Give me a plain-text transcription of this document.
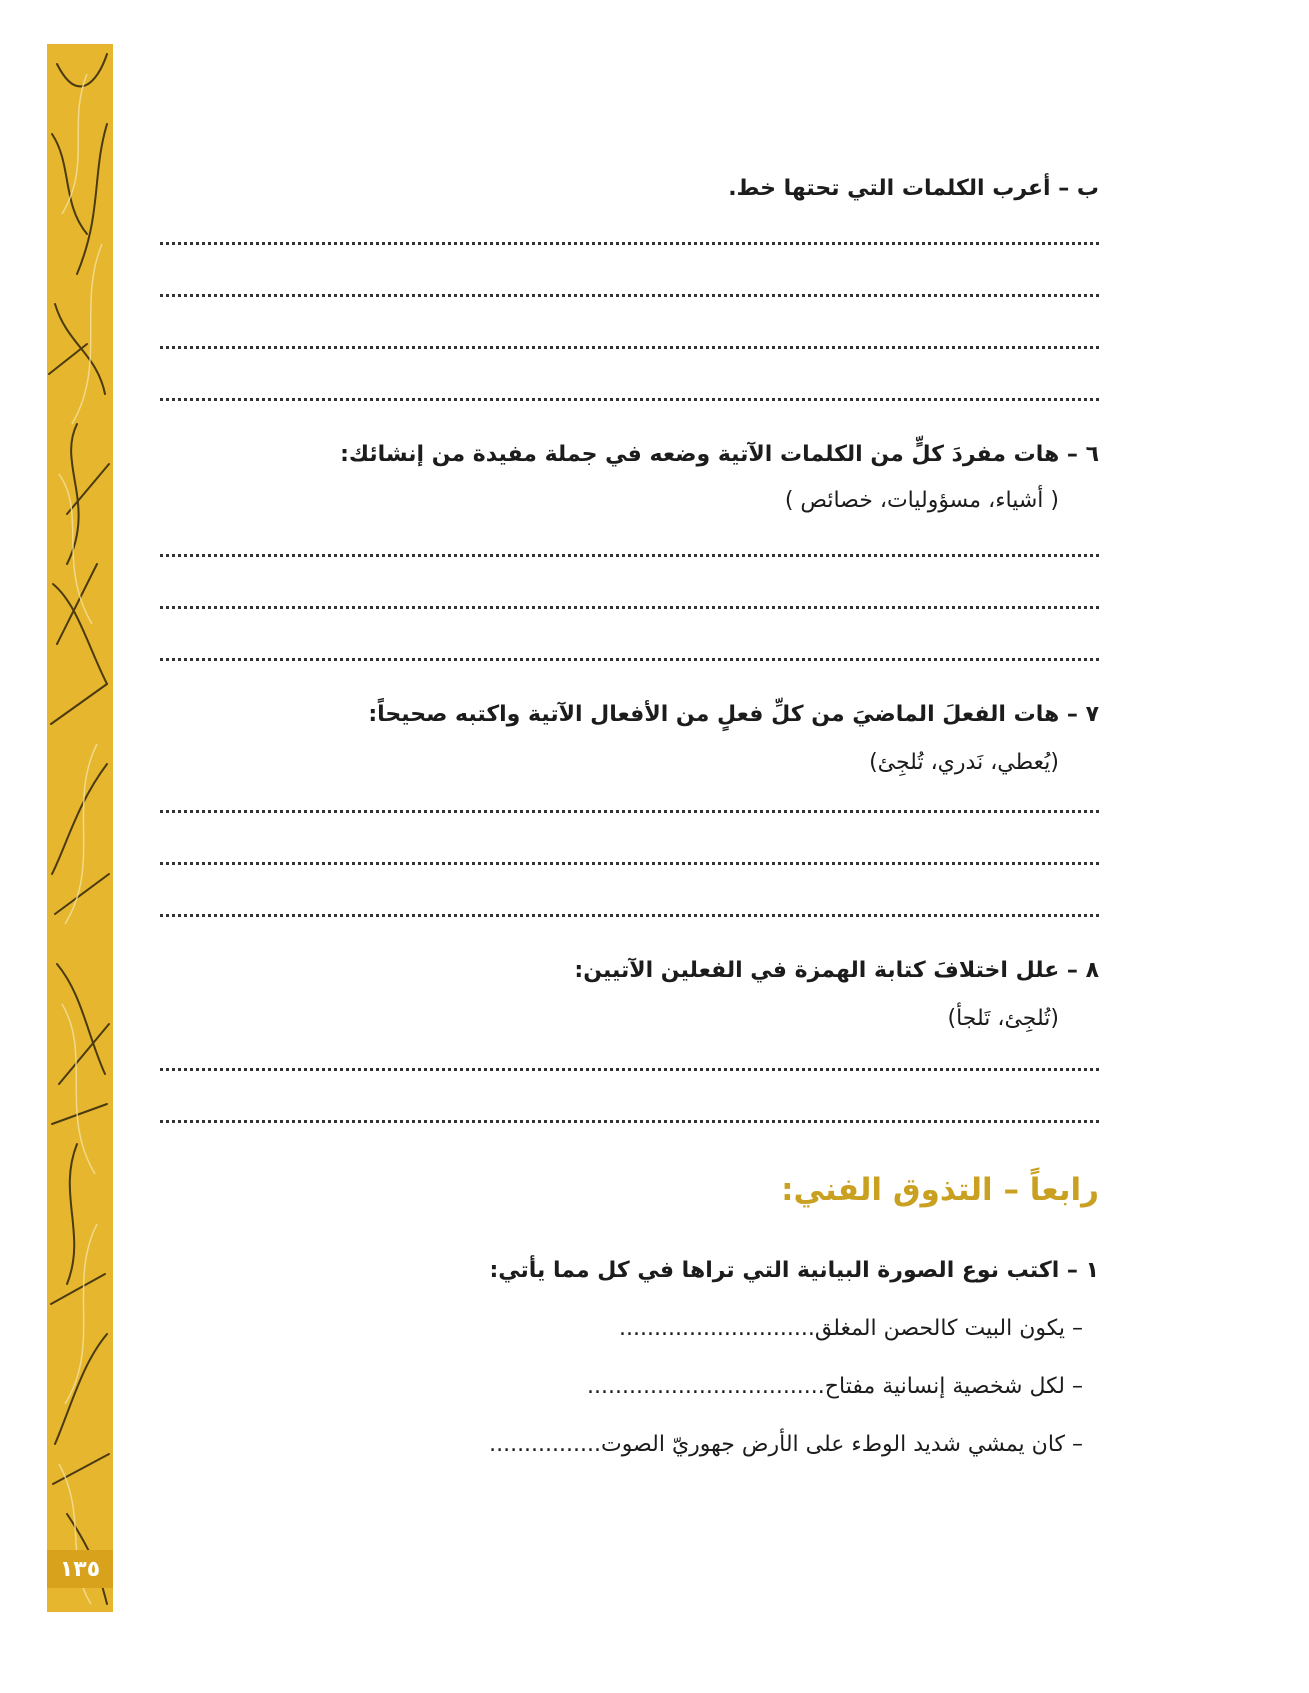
١٣٥
ب – أعرب الكلمات التي تحتها خط.
٦ – هات مفردَ كلٍّ من الكلمات الآتية وضعه في جملة مفيدة من إنشائك:
( أشياء، مسؤوليات، خصائص )
٧ – هات الفعلَ الماضيَ من كلِّ فعلٍ من الأفعال الآتية واكتبه صحيحاً:
(يُعطي، نَدري، تُلجِئ)
٨ – علل اختلافَ كتابة الهمزة في الفعلين الآتيين:
(تُلجِئ، تَلجأ)
رابعاً – التذوق الفني:
١ – اكتب نوع الصورة البيانية التي تراها في كل مما يأتي:
– يكون البيت كالحصن المغلق............................
– لكل شخصية إنسانية مفتاح..................................
– كان يمشي شديد الوطء على الأرض جهوريّ الصوت................
